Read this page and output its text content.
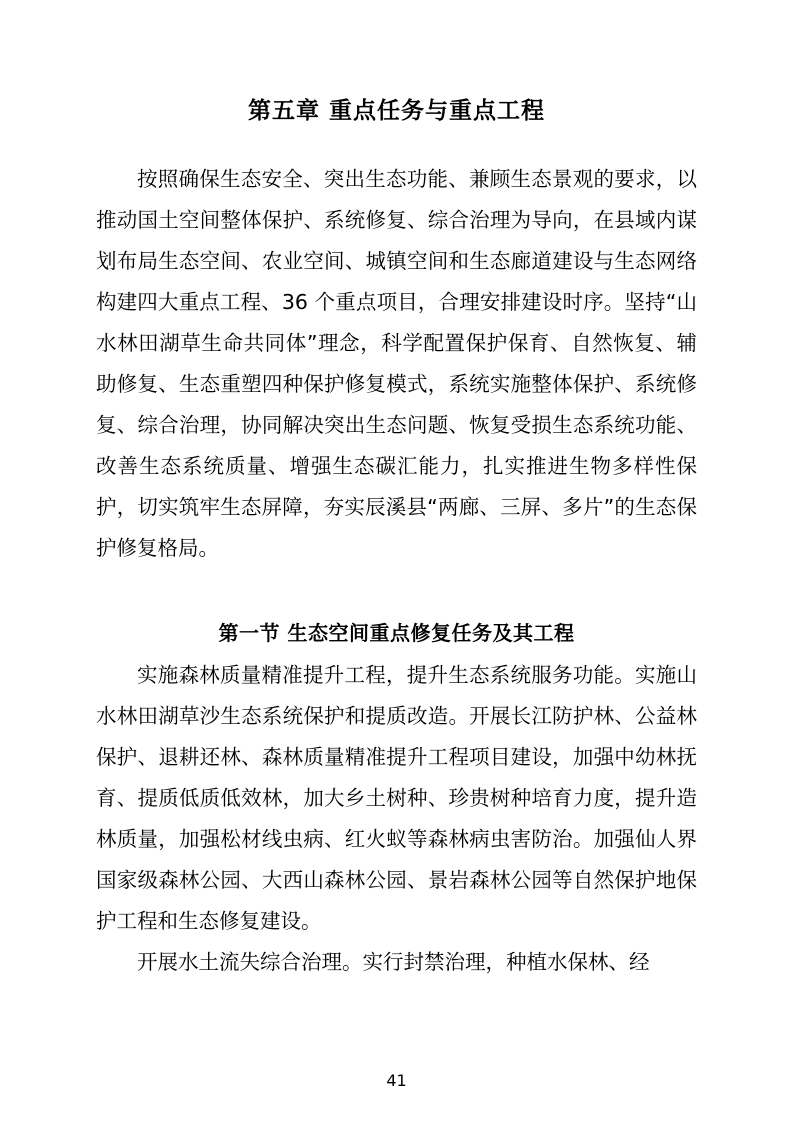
第五章 重点任务与重点工程

按照确保生态安全、突出生态功能、兼顾生态景观的要求，以推动国土空间整体保护、系统修复、综合治理为导向，在县域内谋划布局生态空间、农业空间、城镇空间和生态廊道建设与生态网络构建四大重点工程、36 个重点项目，合理安排建设时序。坚持“山水林田湖草生命共同体”理念，科学配置保护保育、自然恢复、辅助修复、生态重塑四种保护修复模式，系统实施整体保护、系统修复、综合治理，协同解决突出生态问题、恢复受损生态系统功能、改善生态系统质量、增强生态碳汇能力，扎实推进生物多样性保护，切实筑牢生态屏障，夯实辰溪县“两廊、三屏、多片”的生态保护修复格局。

第一节 生态空间重点修复任务及其工程

实施森林质量精准提升工程，提升生态系统服务功能。实施山水林田湖草沙生态系统保护和提质改造。开展长江防护林、公益林保护、退耕还林、森林质量精准提升工程项目建设，加强中幼林抚育、提质低质低效林，加大乡土树种、珍贵树种培育力度，提升造林质量，加强松材线虫病、红火蚁等森林病虫害防治。加强仙人界国家级森林公园、大西山森林公园、景岩森林公园等自然保护地保护工程和生态修复建设。

开展水土流失综合治理。实行封禁治理，种植水保林、经

41
